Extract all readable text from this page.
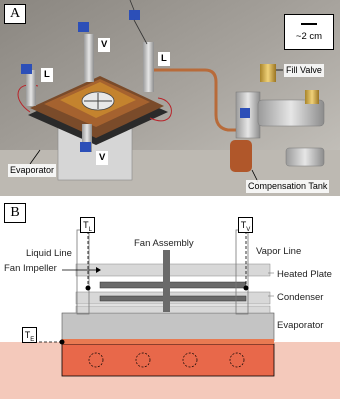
A
~2 cm
L
V
L
V
Fill Valve
Evaporator
Compensation Tank
B
$T_L$	$T_V$
$T_E$
Liquid Line
Fan Assembly
Vapor Line
Heated Plate
Fan Impeller
Condenser
Evaporator
